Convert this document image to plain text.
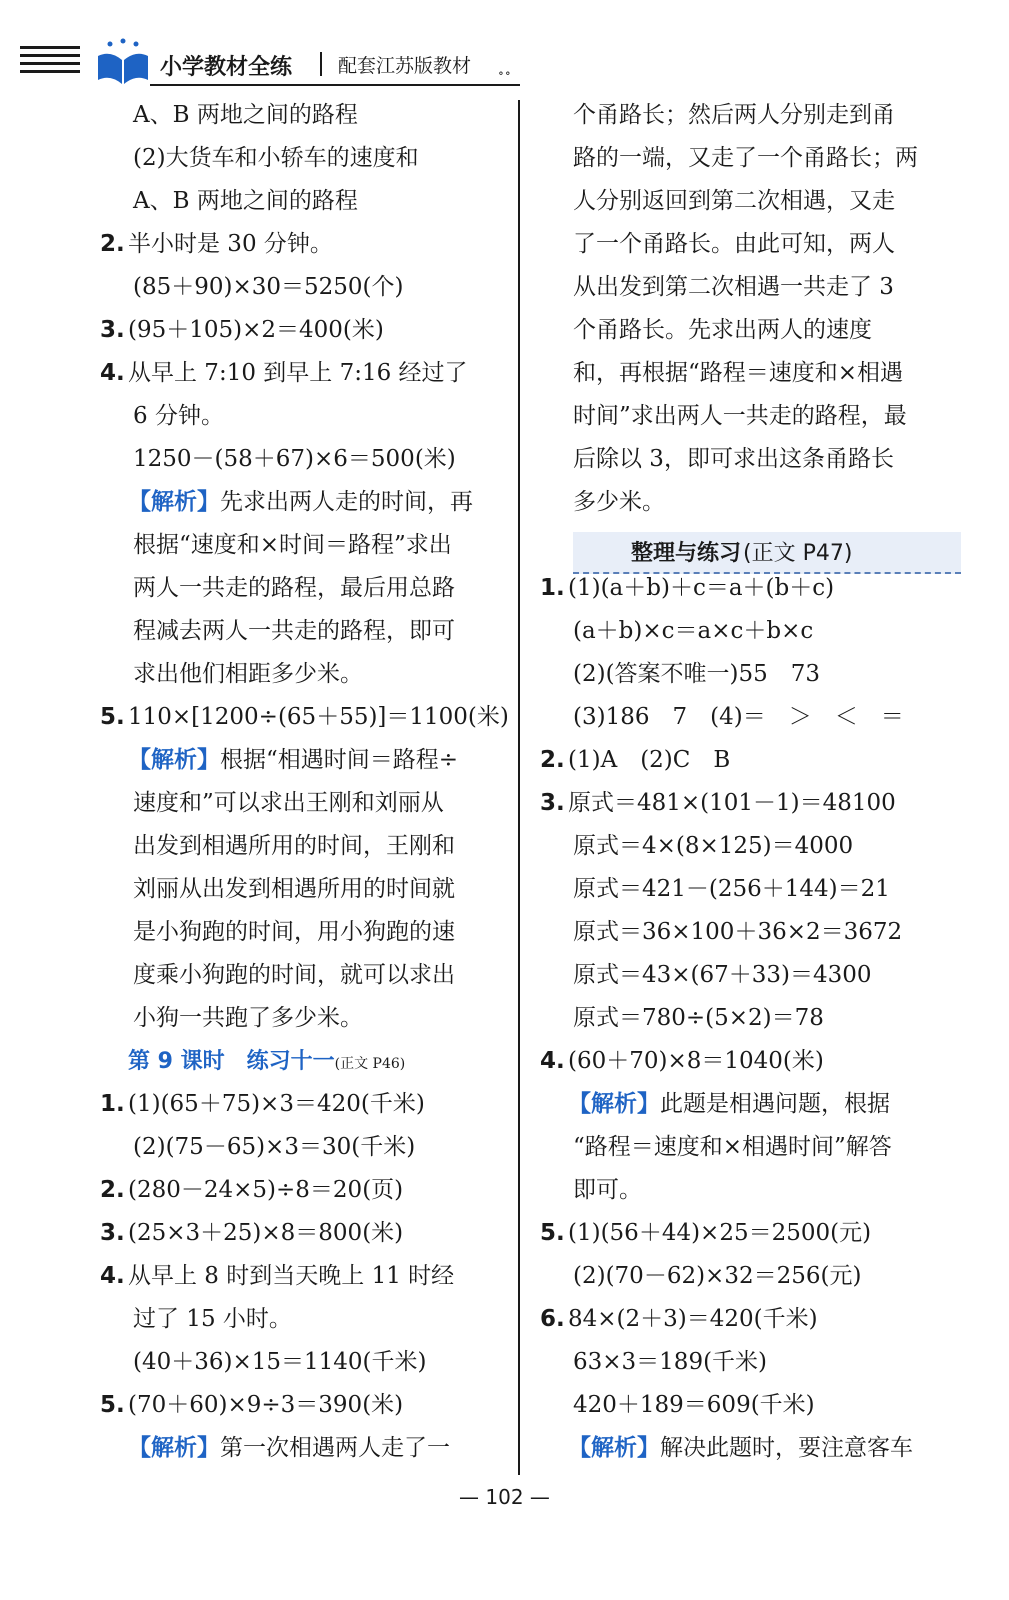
小学教材全练 配套江苏版教材 ∘∘
A、B 两地之间的路程
(2)大货车和小轿车的速度和
A、B 两地之间的路程
2. 半小时是 30 分钟。
(85＋90)×30＝5250(个)
3. (95＋105)×2＝400(米)
4. 从早上 7:10 到早上 7:16 经过了
6 分钟。
1250－(58＋67)×6＝500(米)
【解析】先求出两人走的时间，再
根据“速度和×时间＝路程”求出
两人一共走的路程，最后用总路
程减去两人一共走的路程，即可
求出他们相距多少米。
5. 110×[1200÷(65＋55)]＝1100(米)
【解析】根据“相遇时间＝路程÷
速度和”可以求出王刚和刘丽从
出发到相遇所用的时间，王刚和
刘丽从出发到相遇所用的时间就
是小狗跑的时间，用小狗跑的速
度乘小狗跑的时间，就可以求出
小狗一共跑了多少米。
第 9 课时　练习十一(正文 P46)
1. (1)(65＋75)×3＝420(千米)
(2)(75－65)×3＝30(千米)
2. (280－24×5)÷8＝20(页)
3. (25×3＋25)×8＝800(米)
4. 从早上 8 时到当天晚上 11 时经
过了 15 小时。
(40＋36)×15＝1140(千米)
5. (70＋60)×9÷3＝390(米)
【解析】第一次相遇两人走了一
个甬路长；然后两人分别走到甬
路的一端，又走了一个甬路长；两
人分别返回到第二次相遇，又走
了一个甬路长。由此可知，两人
从出发到第二次相遇一共走了 3
个甬路长。先求出两人的速度
和，再根据“路程＝速度和×相遇
时间”求出两人一共走的路程，最
后除以 3，即可求出这条甬路长
多少米。
整理与练习(正文 P47)
1. (1)(a＋b)＋c＝a＋(b＋c)
(a＋b)×c＝a×c＋b×c
(2)(答案不唯一)55　73
(3)186　7　(4)＝　＞　＜　＝
2. (1)A　(2)C　B
3. 原式＝481×(101－1)＝48100
原式＝4×(8×125)＝4000
原式＝421－(256＋144)＝21
原式＝36×100＋36×2＝3672
原式＝43×(67＋33)＝4300
原式＝780÷(5×2)＝78
4. (60＋70)×8＝1040(米)
【解析】此题是相遇问题，根据
“路程＝速度和×相遇时间”解答
即可。
5. (1)(56＋44)×25＝2500(元)
(2)(70－62)×32＝256(元)
6. 84×(2＋3)＝420(千米)
63×3＝189(千米)
420＋189＝609(千米)
【解析】解决此题时，要注意客车
— 102 —
